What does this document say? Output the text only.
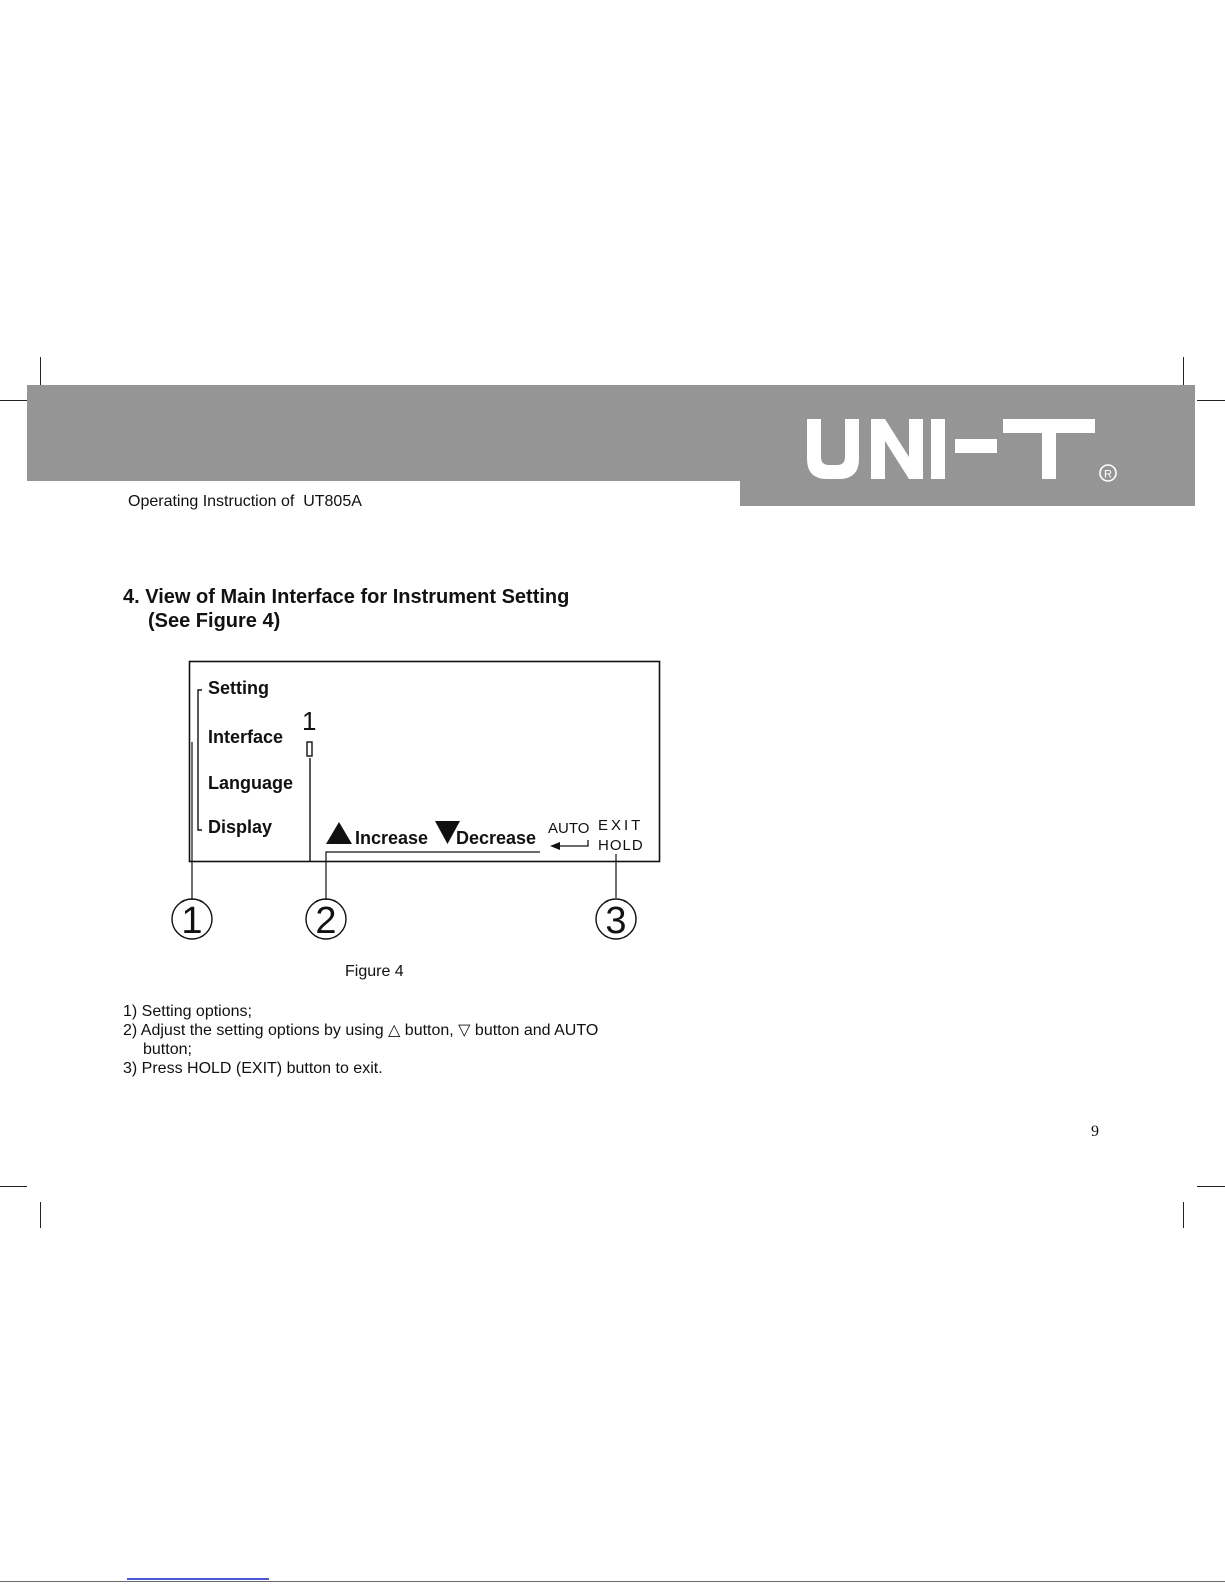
R
Operating Instruction of  UT805A
4. View of Main Interface for Instrument Setting
(See Figure 4)
Setting
Interface
Language
Display
1
Increase Decrease AUTO EXIT
HOLD
1	2	3
Figure 4
1) Setting options;
2) Adjust the setting options by using △ button, ▽ button and AUTO
button;
3) Press HOLD (EXIT) button to exit.
9
